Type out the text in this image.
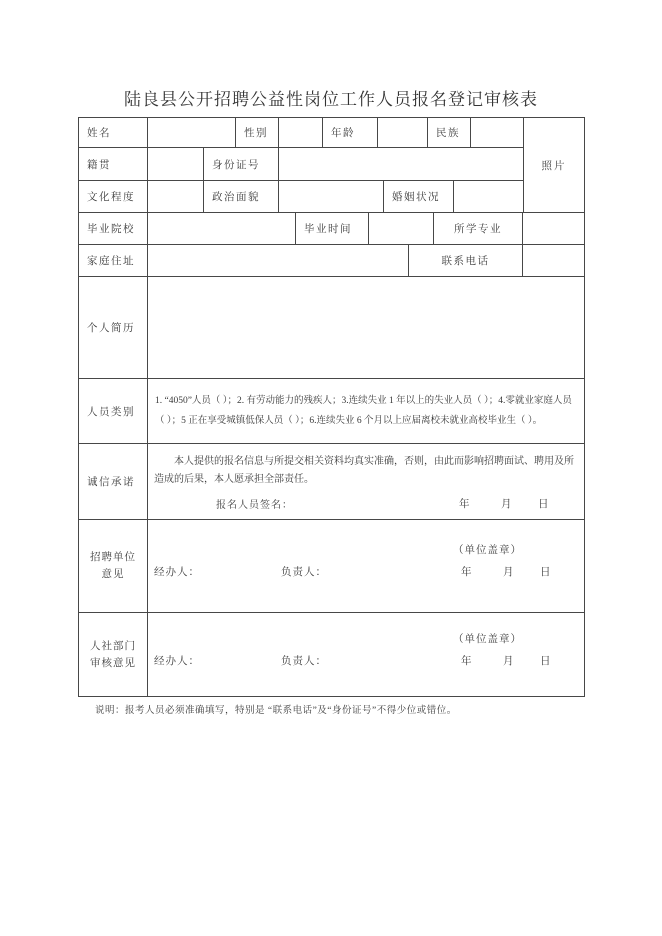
陆良县公开招聘公益性岗位工作人员报名登记审核表
姓名	性别	年龄	民族
籍贯	身份证号
文化程度	政治面貌	婚姻状况
照片
毕业院校	毕业时间	所学专业
家庭住址	联系电话
个人简历
人员类别
1. “4050”人员（ ）；2. 有劳动能力的残疾人；3.连续失业 1 年以上的失业人员（ ）；4.零就业家庭人员（ ）；5 正在享受城镇低保人员（ ）；6.连续失业 6 个月以上应届离校未就业高校毕业生（ ）。
诚信承诺
本人提供的报名信息与所提交相关资料均真实准确，否则，由此而影响招聘面试、聘用及所造成的后果，本人愿承担全部责任。
报名人员签名：	年	月	日
招聘单位
意见
（单位盖章）
经办人：	负责人：	年	月	日
人社部门
审核意见
（单位盖章）
经办人：	负责人：	年	月	日
说明：报考人员必须准确填写，特别是 “联系电话”及“身份证号”不得少位或错位。
